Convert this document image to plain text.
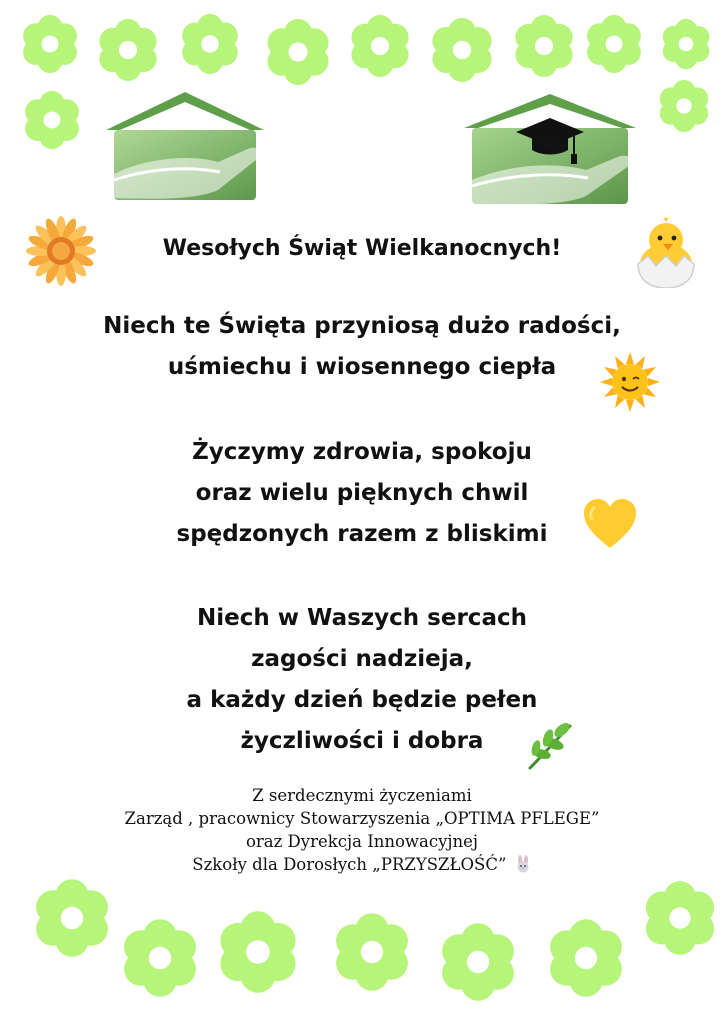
Wesołych Świąt Wielkanocnych!
Niech te Święta przyniosą dużo radości,
uśmiechu i wiosennego ciepła
Życzymy zdrowia, spokoju
oraz wielu pięknych chwil
spędzonych razem z bliskimi
Niech w Waszych sercach
zagości nadzieja,
a każdy dzień będzie pełen
życzliwości i dobra
Z serdecznymi życzeniami
Zarząd , pracownicy Stowarzyszenia „OPTIMA PFLEGE”
oraz Dyrekcja Innowacyjnej
Szkoły dla Dorosłych „PRZYSZŁOŚĆ”
